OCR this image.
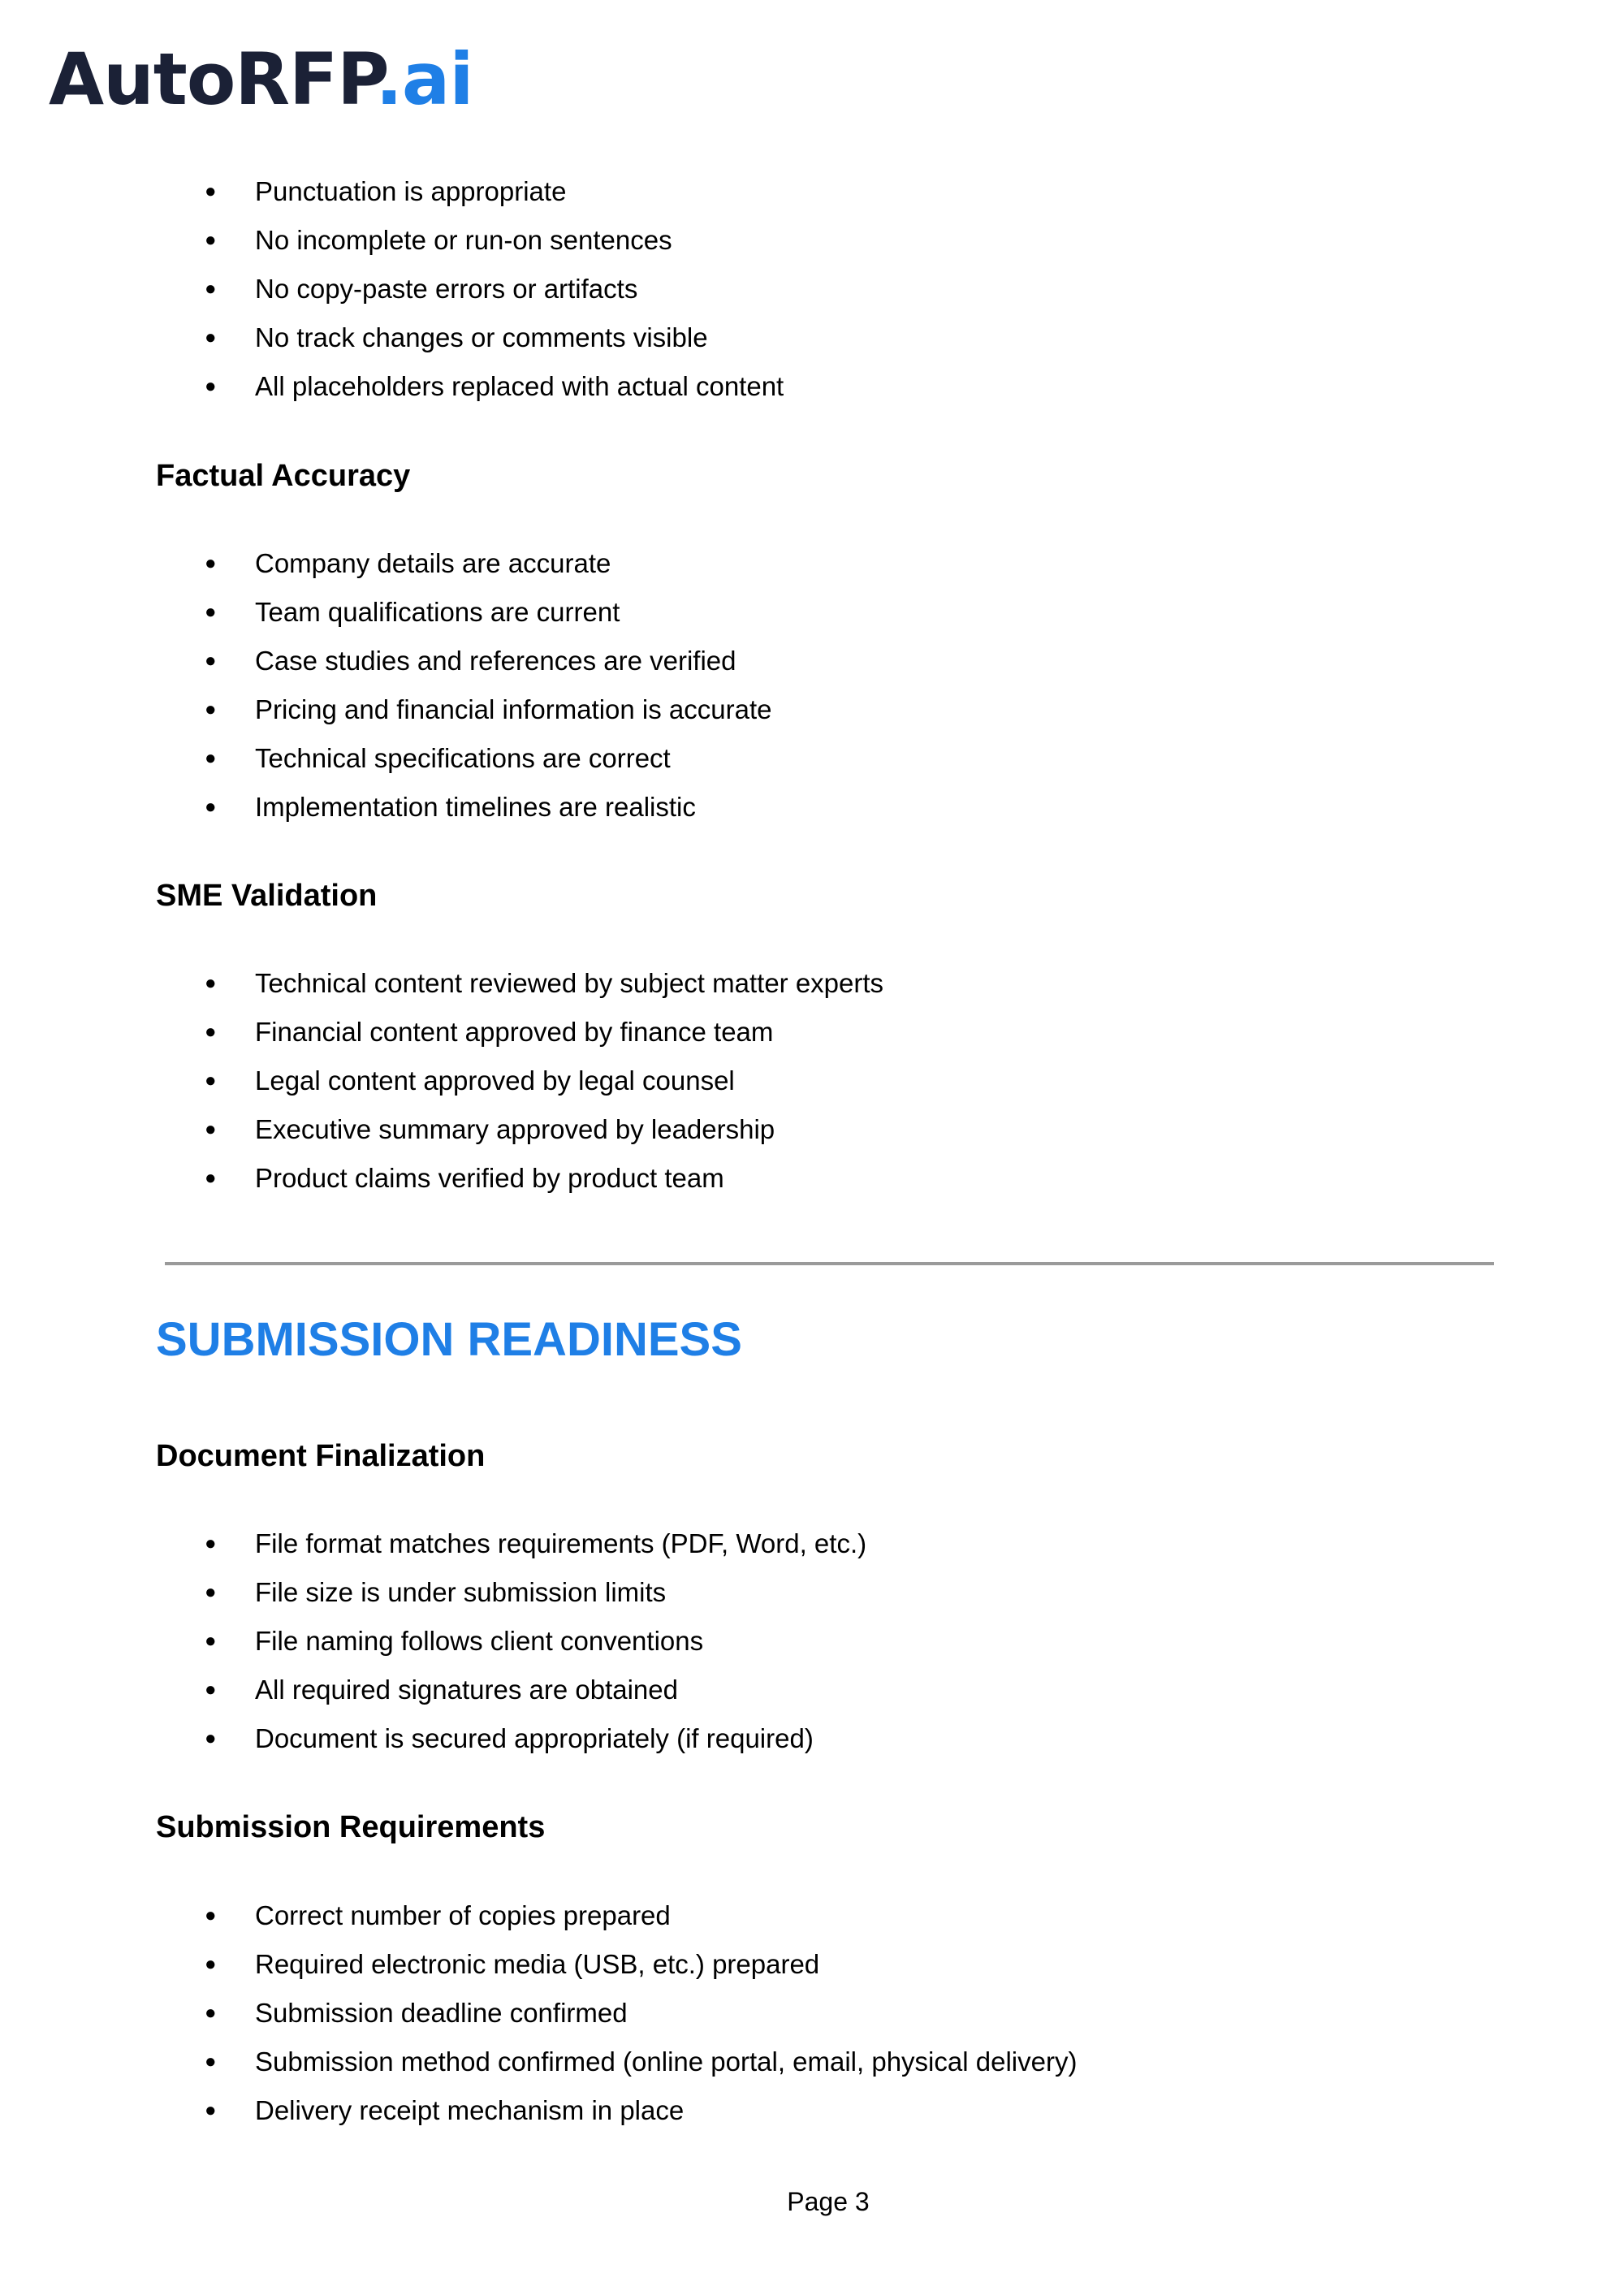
AutoRFP.ai
● Punctuation is appropriate
● No incomplete or run-on sentences
● No copy-paste errors or artifacts
● No track changes or comments visible
● All placeholders replaced with actual content
Factual Accuracy
● Company details are accurate
● Team qualifications are current
● Case studies and references are verified
● Pricing and financial information is accurate
● Technical specifications are correct
● Implementation timelines are realistic
SME Validation
● Technical content reviewed by subject matter experts
● Financial content approved by finance team
● Legal content approved by legal counsel
● Executive summary approved by leadership
● Product claims verified by product team
SUBMISSION READINESS
Document Finalization
● File format matches requirements (PDF, Word, etc.)
● File size is under submission limits
● File naming follows client conventions
● All required signatures are obtained
● Document is secured appropriately (if required)
Submission Requirements
● Correct number of copies prepared
● Required electronic media (USB, etc.) prepared
● Submission deadline confirmed
● Submission method confirmed (online portal, email, physical delivery)
● Delivery receipt mechanism in place
Page 3
